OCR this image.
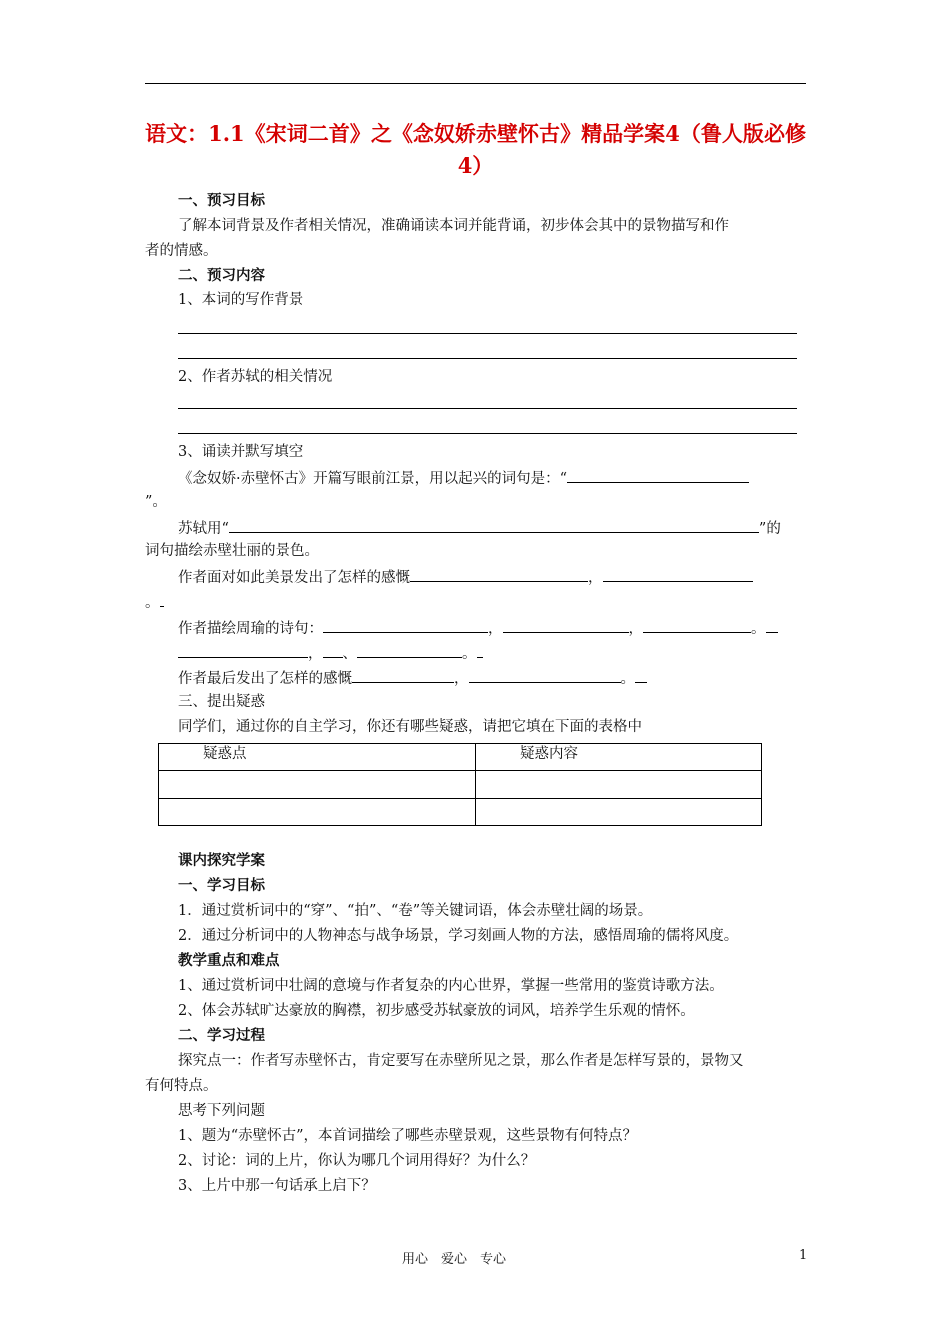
语文：1.1《宋词二首》之《念奴娇赤壁怀古》精品学案4（鲁人版必修4）
一、预习目标
了解本词背景及作者相关情况，准确诵读本词并能背诵，初步体会其中的景物描写和作
者的情感。
二、预习内容
1、本词的写作背景
2、作者苏轼的相关情况
3、诵读并默写填空
《念奴娇·赤壁怀古》开篇写眼前江景，用以起兴的词句是：“
”。
苏轼用“	”的
词句描绘赤壁壮丽的景色。
作者面对如此美景发出了怎样的感慨	，
。
作者描绘周瑜的诗句：	，	，	。
， 、	。
作者最后发出了怎样的感慨	，	。
三、提出疑惑
同学们，通过你的自主学习，你还有哪些疑惑，请把它填在下面的表格中
疑惑点	疑惑内容

课内探究学案
一、学习目标
1．通过赏析词中的“穿”、“拍”、“卷”等关键词语，体会赤壁壮阔的场景。
2．通过分析词中的人物神态与战争场景，学习刻画人物的方法，感悟周瑜的儒将风度。
教学重点和难点
1、通过赏析词中壮阔的意境与作者复杂的内心世界，掌握一些常用的鉴赏诗歌方法。
2、体会苏轼旷达豪放的胸襟，初步感受苏轼豪放的词风，培养学生乐观的情怀。
二、学习过程
探究点一：作者写赤壁怀古，肯定要写在赤壁所见之景，那么作者是怎样写景的，景物又
有何特点。
思考下列问题
1、题为“赤壁怀古”，本首词描绘了哪些赤壁景观，这些景物有何特点？
2、讨论：词的上片，你认为哪几个词用得好？为什么？
3、上片中那一句话承上启下？
用心　爱心　专心	1
